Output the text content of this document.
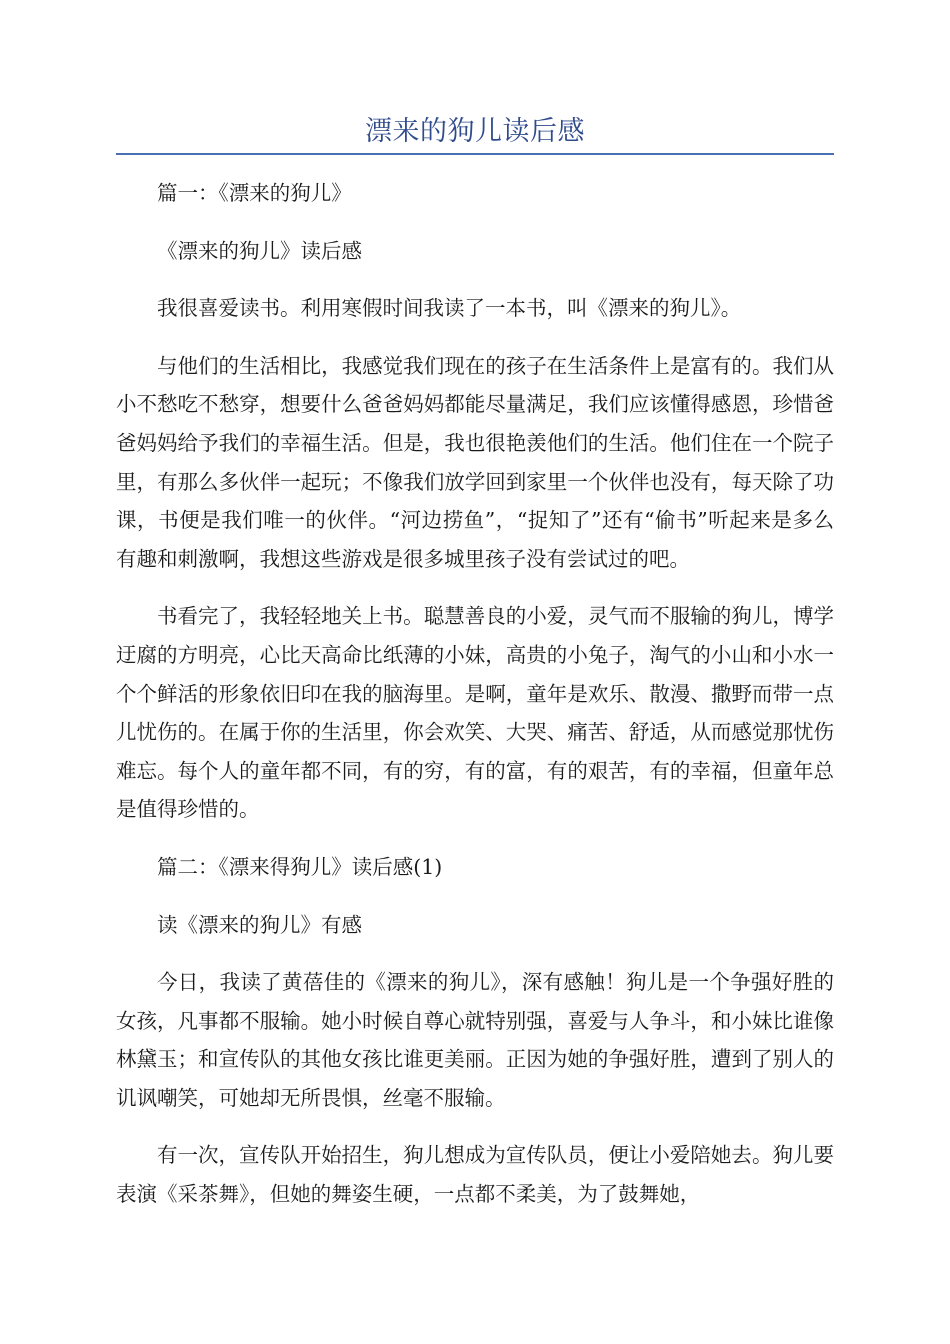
漂来的狗儿读后感

篇一：《漂来的狗儿》

《漂来的狗儿》读后感

我很喜爱读书。利用寒假时间我读了一本书，叫《漂来的狗儿》。

与他们的生活相比，我感觉我们现在的孩子在生活条件上是富有的。我们从小不愁吃不愁穿，想要什么爸爸妈妈都能尽量满足，我们应该懂得感恩，珍惜爸爸妈妈给予我们的幸福生活。但是，我也很艳羡他们的生活。他们住在一个院子里，有那么多伙伴一起玩；不像我们放学回到家里一个伙伴也没有，每天除了功课，书便是我们唯一的伙伴。“河边捞鱼”，“捉知了”还有“偷书”听起来是多么有趣和刺激啊，我想这些游戏是很多城里孩子没有尝试过的吧。

书看完了，我轻轻地关上书。聪慧善良的小爱，灵气而不服输的狗儿，博学迂腐的方明亮，心比天高命比纸薄的小妹，高贵的小兔子，淘气的小山和小水一个个鲜活的形象依旧印在我的脑海里。是啊，童年是欢乐、散漫、撒野而带一点儿忧伤的。在属于你的生活里，你会欢笑、大哭、痛苦、舒适，从而感觉那忧伤难忘。每个人的童年都不同，有的穷，有的富，有的艰苦，有的幸福，但童年总是值得珍惜的。

篇二：《漂来得狗儿》读后感(1)

读《漂来的狗儿》有感

今日，我读了黄蓓佳的《漂来的狗儿》，深有感触！狗儿是一个争强好胜的女孩，凡事都不服输。她小时候自尊心就特别强，喜爱与人争斗，和小妹比谁像林黛玉；和宣传队的其他女孩比谁更美丽。正因为她的争强好胜，遭到了别人的讥讽嘲笑，可她却无所畏惧，丝毫不服输。

有一次，宣传队开始招生，狗儿想成为宣传队员，便让小爱陪她去。狗儿要表演《采茶舞》，但她的舞姿生硬，一点都不柔美，为了鼓舞她，
